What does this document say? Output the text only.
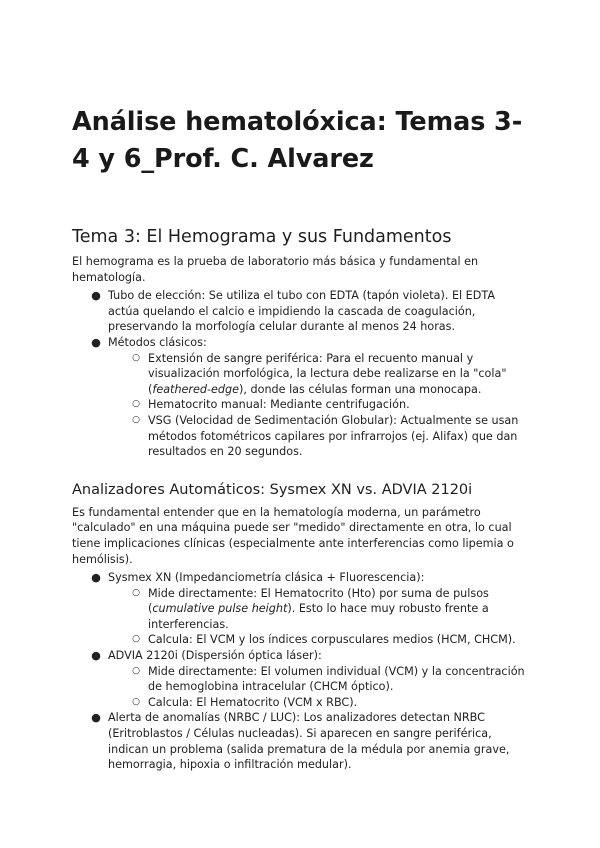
Análise hematolóxica: Temas 3-4 y 6_Prof. C. Alvarez
Tema 3: El Hemograma y sus Fundamentos

El hemograma es la prueba de laboratorio más básica y fundamental en hematología.

● Tubo de elección: Se utiliza el tubo con EDTA (tapón violeta). El EDTA actúa quelando el calcio e impidiendo la cascada de coagulación, preservando la morfología celular durante al menos 24 horas.
● Métodos clásicos:
○ Extensión de sangre periférica: Para el recuento manual y visualización morfológica, la lectura debe realizarse en la "cola" (feathered-edge), donde las células forman una monocapa.
○ Hematocrito manual: Mediante centrifugación.
○ VSG (Velocidad de Sedimentación Globular): Actualmente se usan métodos fotométricos capilares por infrarrojos (ej. Alifax) que dan resultados en 20 segundos.
Analizadores Automáticos: Sysmex XN vs. ADVIA 2120i

Es fundamental entender que en la hematología moderna, un parámetro "calculado" en una máquina puede ser "medido" directamente en otra, lo cual tiene implicaciones clínicas (especialmente ante interferencias como lipemia o hemólisis).

● Sysmex XN (Impedanciometría clásica + Fluorescencia):
○ Mide directamente: El Hematocrito (Hto) por suma de pulsos (cumulative pulse height). Esto lo hace muy robusto frente a interferencias.
○ Calcula: El VCM y los índices corpusculares medios (HCM, CHCM).
● ADVIA 2120i (Dispersión óptica láser):
○ Mide directamente: El volumen individual (VCM) y la concentración de hemoglobina intracelular (CHCM óptico).
○ Calcula: El Hematocrito (VCM x RBC).
● Alerta de anomalías (NRBC / LUC): Los analizadores detectan NRBC (Eritroblastos / Células nucleadas). Si aparecen en sangre periférica, indican un problema (salida prematura de la médula por anemia grave, hemorragia, hipoxia o infiltración medular).
